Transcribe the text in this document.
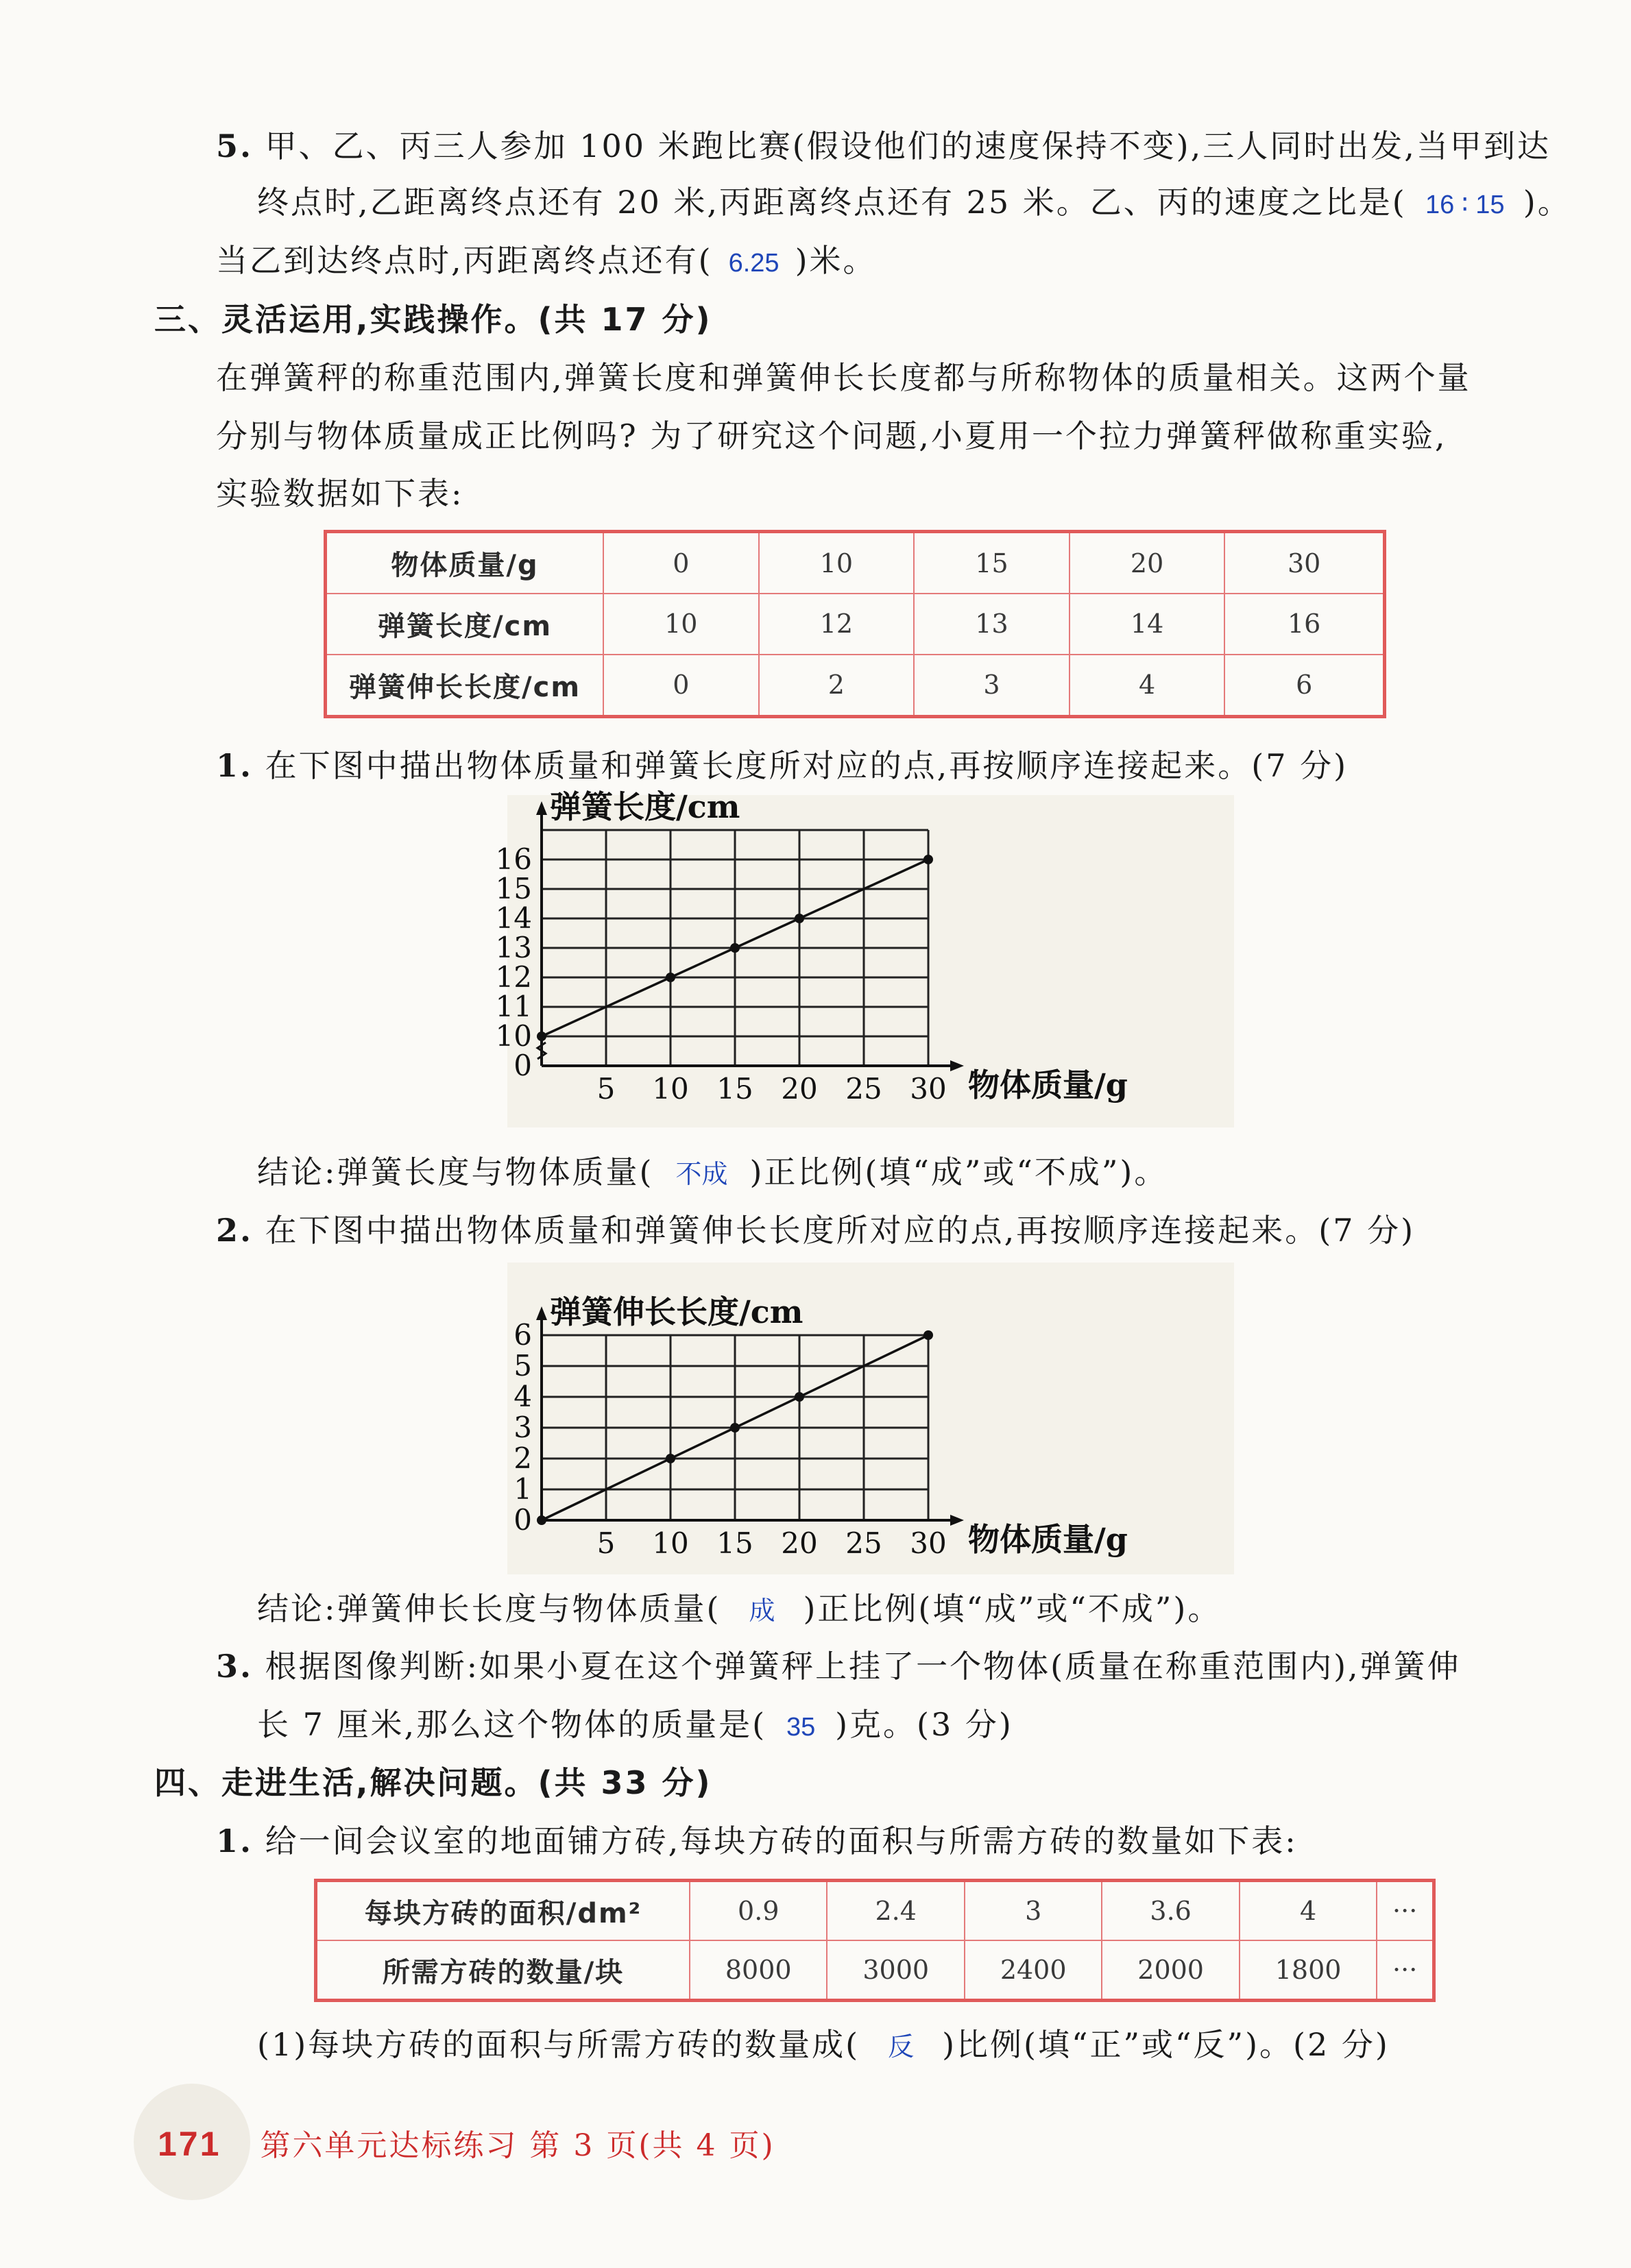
5. 甲、乙、丙三人参加 100 米跑比赛(假设他们的速度保持不变),三人同时出发,当甲到达
终点时,乙距离终点还有 20 米,丙距离终点还有 25 米。乙、丙的速度之比是( 16 ∶ 15 )。
当乙到达终点时,丙距离终点还有( 6.25 )米。
三、灵活运用,实践操作。(共 17 分)
在弹簧秤的称重范围内,弹簧长度和弹簧伸长长度都与所称物体的质量相关。这两个量
分别与物体质量成正比例吗? 为了研究这个问题,小夏用一个拉力弹簧秤做称重实验,
实验数据如下表:
物体质量/g	0	10	15	20	30
弹簧长度/cm	10	12	13	14	16
弹簧伸长长度/cm	0	2	3	4	6
1. 在下图中描出物体质量和弹簧长度所对应的点,再按顺序连接起来。(7 分)
弹簧长度/cm
物体质量/g
5 10 15 20 25 30
0
10
11
12
13
14
15
16
结论:弹簧长度与物体质量( 不成 )正比例(填“成”或“不成”)。
2. 在下图中描出物体质量和弹簧伸长长度所对应的点,再按顺序连接起来。(7 分)
弹簧伸长长度/cm
物体质量/g
5 10 15 20 25 30
0
1
2
3
4
5
6
结论:弹簧伸长长度与物体质量( 成 )正比例(填“成”或“不成”)。
3. 根据图像判断:如果小夏在这个弹簧秤上挂了一个物体(质量在称重范围内),弹簧伸
长 7 厘米,那么这个物体的质量是( 35 )克。(3 分)
四、走进生活,解决问题。(共 33 分)
1. 给一间会议室的地面铺方砖,每块方砖的面积与所需方砖的数量如下表:
每块方砖的面积/dm²	0.9	2.4	3	3.6	4	···
所需方砖的数量/块	8000	3000	2400	2000	1800	···
(1)每块方砖的面积与所需方砖的数量成( 反 )比例(填“正”或“反”)。(2 分)
171 第六单元达标练习 第 3 页(共 4 页)
